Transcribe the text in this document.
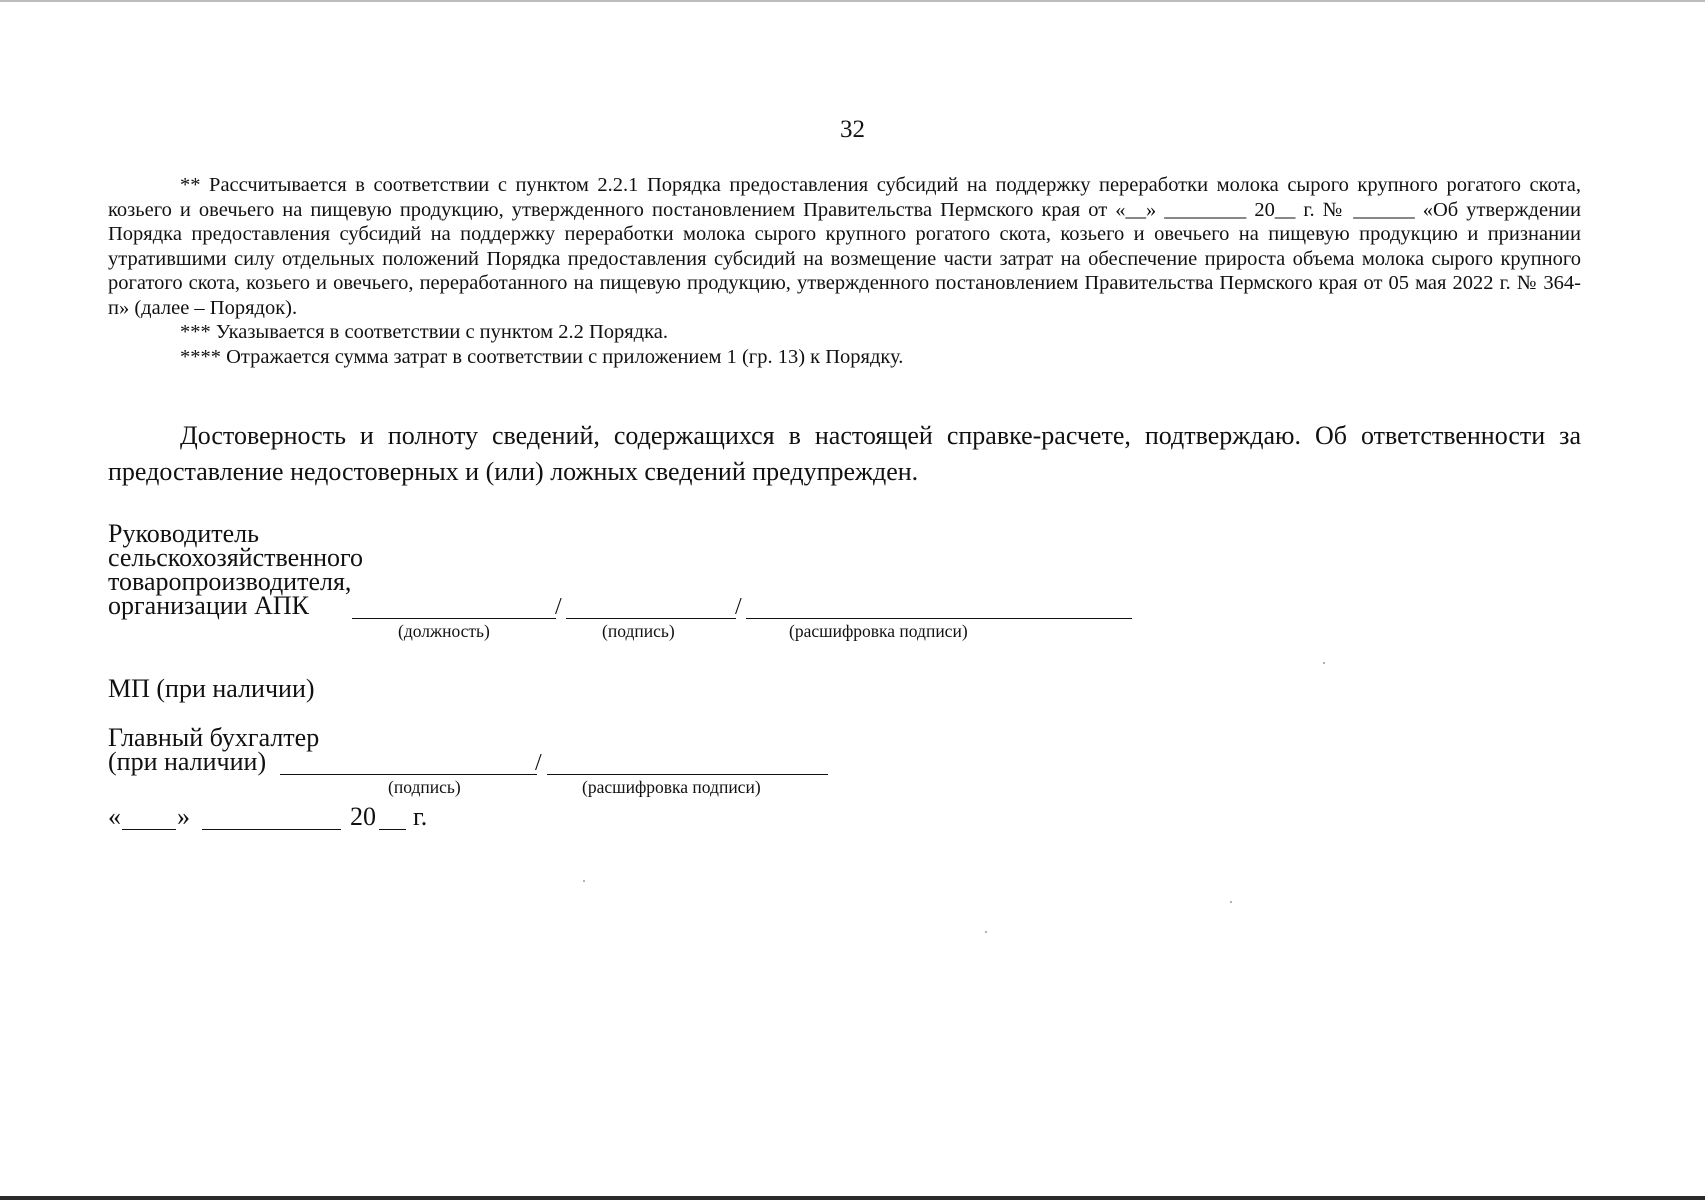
32

** Рассчитывается в соответствии с пунктом 2.2.1 Порядка предоставления субсидий на поддержку переработки молока сырого крупного рогатого скота, козьего и овечьего на пищевую продукцию, утвержденного постановлением Правительства Пермского края от «__» ________ 20__ г. № ______ «Об утверждении Порядка предоставления субсидий на поддержку переработки молока сырого крупного рогатого скота, козьего и овечьего на пищевую продукцию и признании утратившими силу отдельных положений Порядка предоставления субсидий на возмещение части затрат на обеспечение прироста объема молока сырого крупного рогатого скота, козьего и овечьего, переработанного на пищевую продукцию, утвержденного постановлением Правительства Пермского края от 05 мая 2022 г. № 364-п» (далее – Порядок).

*** Указывается в соответствии с пунктом 2.2 Порядка.

**** Отражается сумма затрат в соответствии с приложением 1 (гр. 13) к Порядку.

Достоверность и полноту сведений, содержащихся в настоящей справке-расчете, подтверждаю. Об ответственности за предоставление недостоверных и (или) ложных сведений предупрежден.

Руководитель
сельскохозяйственного
товаропроизводителя,
организации АПК	/	/
(должность)	(подпись)	(расшифровка подписи)
МП (при наличии)
Главный бухгалтер
(при наличии)	/
(подпись)	(расшифровка подписи)
« »	20 г.
